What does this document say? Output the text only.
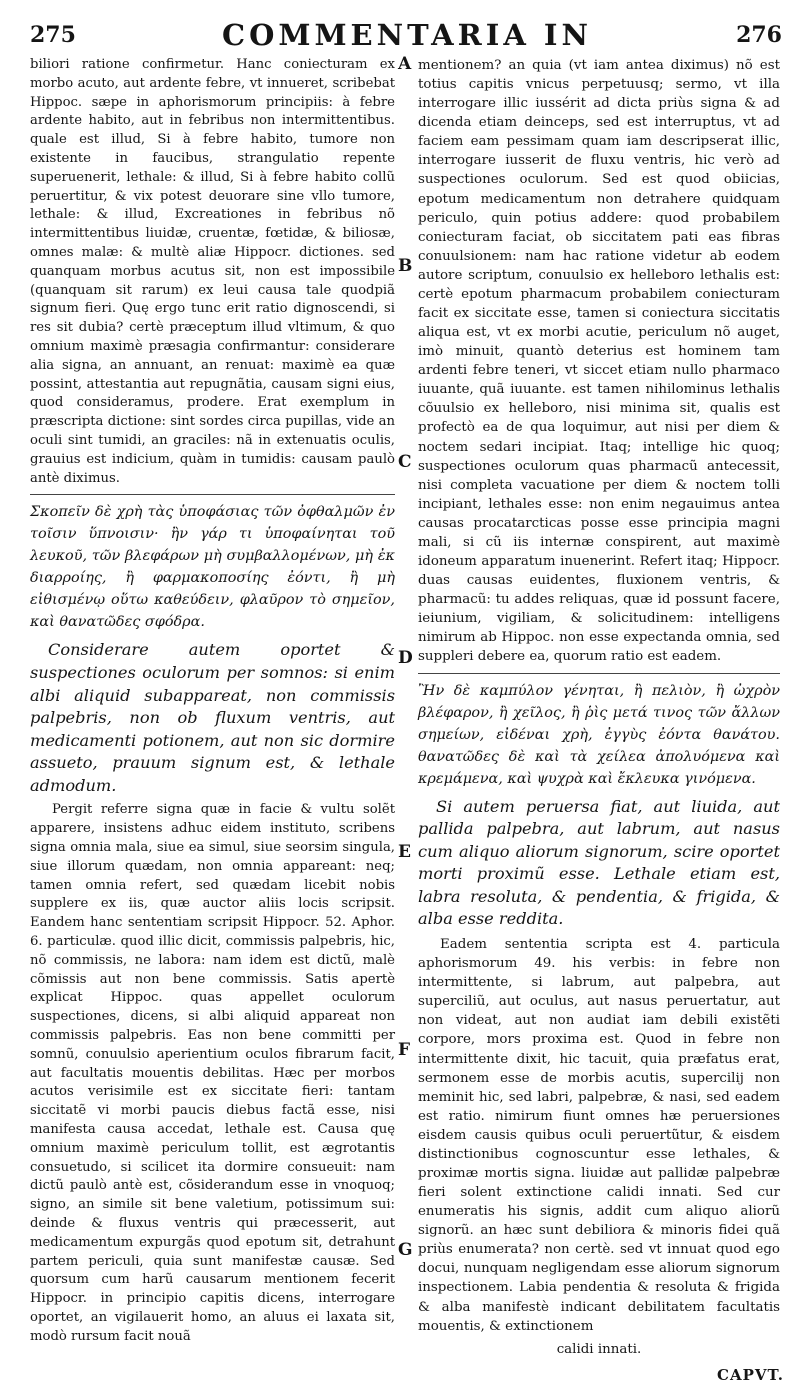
275	COMMENTARIA IN	276

biliori ratione confirmetur. Hanc coniecturam ex morbo acuto, aut ardente febre, vt innueret, scribebat Hippoc. sæpe in aphorismorum principiis: à febre ardente habito, aut in febribus non intermittentibus. quale est illud, Si à febre habito, tumore non existente in faucibus, strangulatio repente superuenerit, lethale: & illud, Si à febre habito collũ peruertitur, & vix potest deuorare sine vllo tumore, lethale: & illud, Excreationes in febribus nõ intermittentibus liuidæ, cruentæ, fœtidæ, & biliosæ, omnes malæ: & multè aliæ Hippocr. dictiones. sed quanquam morbus acutus sit, non est impossibile (quanquam sit rarum) ex leui causa tale quodpiã signum fieri. Quę ergo tunc erit ratio dignoscendi, si res sit dubia? certè præceptum illud vltimum, & quo omnium maximè præsagia confirmantur: considerare alia signa, an annuant, an renuat: maximè ea quæ possint, attestantia aut repugnãtia, causam signi eius, quod consideramus, prodere. Erat exemplum in præscripta dictione: sint sordes circa pupillas, vide an oculi sint tumidi, an graciles: nã in extenuatis oculis, grauius est indicium, quàm in tumidis: causam paulò antè diximus.

Σκοπεῖν δὲ χρὴ τὰς ὑποφάσιας τῶν ὀφθαλμῶν ἐν τοῖσιν ὕπνοισιν· ἢν γάρ τι ὑποφαίνηται τοῦ λευκοῦ, τῶν βλεφάρων μὴ συμβαλλομένων, μὴ ἐκ διαρροίης, ἢ φαρμακοποσίης ἐόντι, ἢ μὴ εἰθισμένῳ οὕτω καθεύδειν, φλαῦρον τὸ σημεῖον, καὶ θανατῶδες σφόδρα.

Considerare autem oportet & suspectiones oculorum per somnos: si enim albi aliquid subappareat, non commissis palpebris, non ob fluxum ventris, aut medicamenti potionem, aut non sic dormire assueto, prauum signum est, & lethale admodum.

Pergit referre signa quæ in facie & vultu solẽt apparere, insistens adhuc eidem instituto, scribens signa omnia mala, siue ea simul, siue seorsim singula, siue illorum quædam, non omnia appareant: neq; tamen omnia refert, sed quædam licebit nobis supplere ex iis, quæ auctor aliis locis scripsit. Eandem hanc sententiam scripsit Hippocr. 52. Aphor. 6. particulæ. quod illic dicit, commissis palpebris, hic, nõ commissis, ne labora: nam idem est dictũ, malè cõmissis aut non bene commissis. Satis apertè explicat Hippoc. quas appellet oculorum suspectiones, dicens, si albi aliquid appareat non commissis palpebris. Eas non bene committi per somnũ, conuulsio aperientium oculos fibrarum facit, aut facultatis mouentis debilitas. Hæc per morbos acutos verisimile est ex siccitate fieri: tantam siccitatẽ vi morbi paucis diebus factã esse, nisi manifesta causa accedat, lethale est. Causa quę omnium maximè periculum tollit, est ægrotantis consuetudo, si scilicet ita dormire consueuit: nam dictũ paulò antè est, cõsiderandum esse in vnoquoq; signo, an simile sit bene valetium, potissimum sui: deinde & fluxus ventris qui præcesserit, aut medicamentum expurgãs quod epotum sit, detrahunt partem periculi, quia sunt manifestæ causæ. Sed quorsum cum harũ causarum mentionem fecerit Hippocr. in principio capitis dicens, interrogare oportet, an vigilauerit homo, an aluus ei laxata sit, modò rursum facit nouã

A
B
C
D
E
F
G

mentionem? an quia (vt iam antea diximus) nõ est totius capitis vnicus perpetuusq; sermo, vt illa interrogare illic iussérit ad dicta priùs signa & ad dicenda etiam deinceps, sed est interruptus, vt ad faciem eam pessimam quam iam descripserat illic, interrogare iusserit de fluxu ventris, hic verò ad suspectiones oculorum. Sed est quod obiicias, epotum medicamentum non detrahere quidquam periculo, quin potius addere: quod probabilem coniecturam faciat, ob siccitatem pati eas fibras conuulsionem: nam hac ratione videtur ab eodem autore scriptum, conuulsio ex helleboro lethalis est: certè epotum pharmacum probabilem coniecturam facit ex siccitate esse, tamen si coniectura siccitatis aliqua est, vt ex morbi acutie, periculum nõ auget, imò minuit, quantò deterius est hominem tam ardenti febre teneri, vt siccet etiam nullo pharmaco iuuante, quã iuuante. est tamen nihilominus lethalis cõuulsio ex helleboro, nisi minima sit, qualis est profectò ea de qua loquimur, aut nisi per diem & noctem sedari incipiat. Itaq; intellige hic quoq; suspectiones oculorum quas pharmacũ antecessit, nisi completa vacuatione per diem & noctem tolli incipiant, lethales esse: non enim negauimus antea causas procatarcticas posse esse principia magni mali, si cũ iis internæ conspirent, aut maximè idoneum apparatum inuenerint. Refert itaq; Hippocr. duas causas euidentes, fluxionem ventris, & pharmacũ: tu addes reliquas, quæ id possunt facere, ieiunium, vigiliam, & solicitudinem: intelligens nimirum ab Hippoc. non esse expectanda omnia, sed suppleri debere ea, quorum ratio est eadem.

Ἢν δὲ καμπύλον γένηται, ἢ πελιὸν, ἢ ὠχρὸν βλέφαρον, ἢ χεῖλος, ἢ ῥὶς μετά τινος τῶν ἄλλων σημείων, εἰδέναι χρὴ, ἐγγὺς ἐόντα θανάτου. θανατῶδες δὲ καὶ τὰ χείλεα ἀπολυόμενα καὶ κρεμάμενα, καὶ ψυχρὰ καὶ ἔκλευκα γινόμενα.

Si autem peruersa fiat, aut liuida, aut pallida palpebra, aut labrum, aut nasus cum aliquo aliorum signorum, scire oportet morti proximũ esse. Lethale etiam est, labra resoluta, & pendentia, & frigida, & alba esse reddita.

Eadem sententia scripta est 4. particula aphorismorum 49. his verbis: in febre non intermittente, si labrum, aut palpebra, aut superciliũ, aut oculus, aut nasus peruertatur, aut non videat, aut non audiat iam debili existẽti corpore, mors proxima est. Quod in febre non intermittente dixit, hic tacuit, quia præfatus erat, sermonem esse de morbis acutis, supercilij non meminit hic, sed labri, palpebræ, & nasi, sed eadem est ratio. nimirum fiunt omnes hæ peruersiones eisdem causis quibus oculi peruertũtur, & eisdem distinctionibus cognoscuntur esse lethales, & proximæ mortis signa. liuidæ aut pallidæ palpebræ fieri solent extinctione calidi innati. Sed cur enumeratis his signis, addit cum aliquo aliorũ signorũ. an hæc sunt debiliora & minoris fidei quã priùs enumerata? non certè. sed vt innuat quod ego docui, nunquam negligendam esse aliorum signorum inspectionem. Labia pendentia & resoluta & frigida & alba manifestè indicant debilitatem facultatis mouentis, & extinctionem

calidi innati.

CAPVT.
